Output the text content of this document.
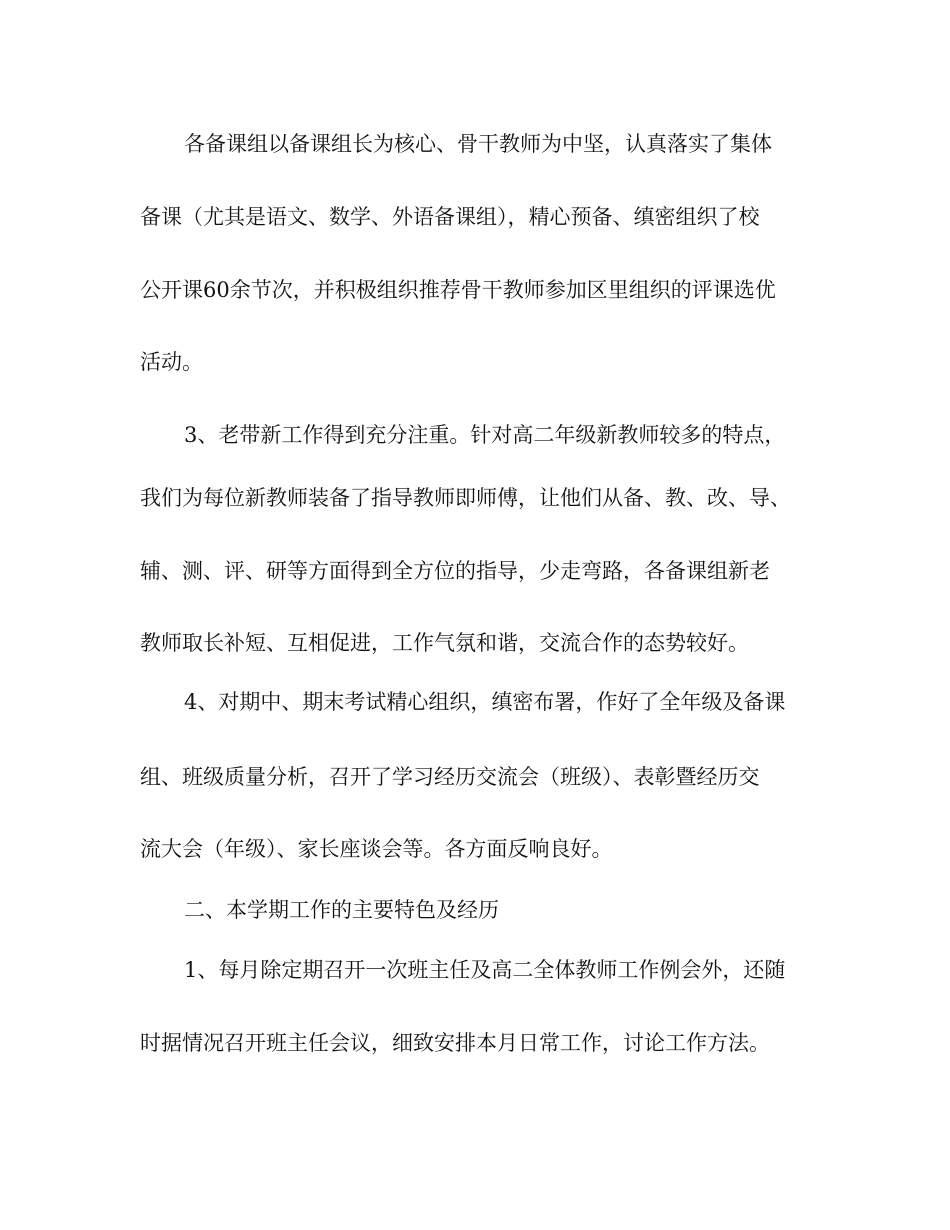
各备课组以备课组长为核心、骨干教师为中坚，认真落实了集体

备课（尤其是语文、数学、外语备课组），精心预备、缜密组织了校

公开课60余节次，并积极组织推荐骨干教师参加区里组织的评课选优

活动。

3、老带新工作得到充分注重。针对高二年级新教师较多的特点，

我们为每位新教师装备了指导教师即师傅，让他们从备、教、改、导、

辅、测、评、研等方面得到全方位的指导，少走弯路，各备课组新老

教师取长补短、互相促进，工作气氛和谐，交流合作的态势较好。

4、对期中、期末考试精心组织，缜密布署，作好了全年级及备课

组、班级质量分析，召开了学习经历交流会（班级）、表彰暨经历交

流大会（年级）、家长座谈会等。各方面反响良好。

二、本学期工作的主要特色及经历

1、每月除定期召开一次班主任及高二全体教师工作例会外，还随

时据情况召开班主任会议，细致安排本月日常工作，讨论工作方法。
